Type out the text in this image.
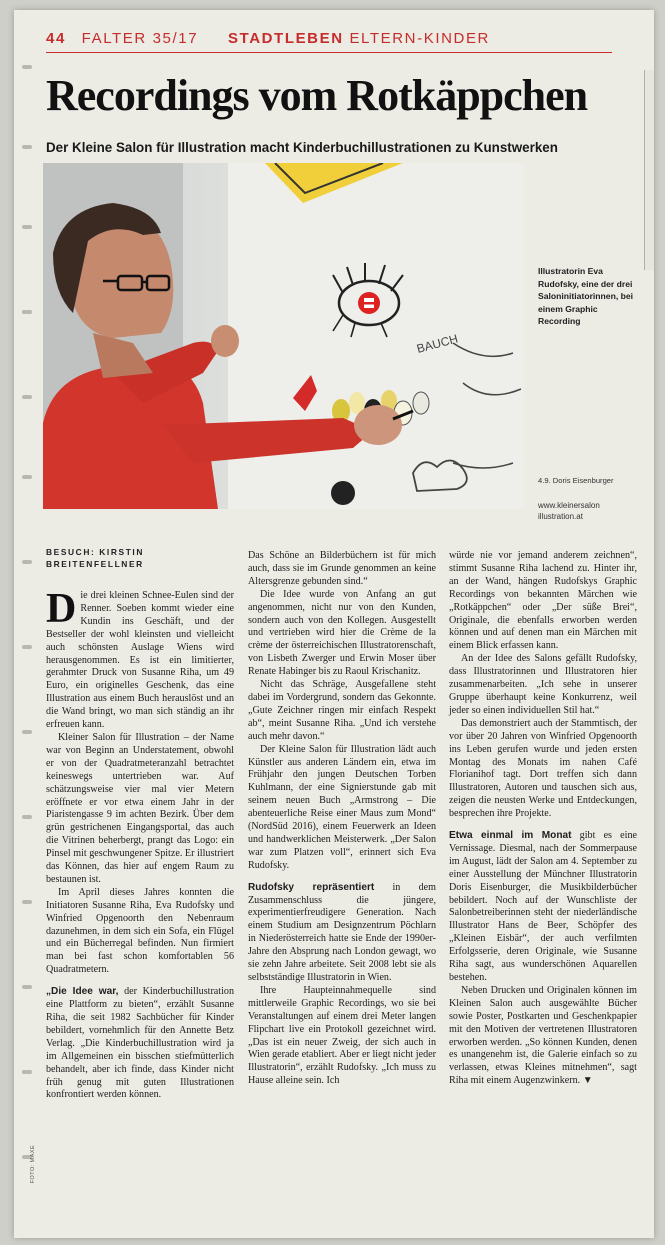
44 FALTER 35/17 STADTLEBEN ELTERN-KINDER
Recordings vom Rotkäppchen
Der Kleine Salon für Illustration macht Kinderbuchillustrationen zu Kunstwerken
BAUCH
Illustratorin Eva Rudofsky, eine der drei Saloninitiatorinnen, bei einem Graphic Recording
4.9. Doris Eisenburger
www.kleinersalon illustration.at
BESUCH: KIRSTIN BREITENFELLNER

Die drei kleinen Schnee-Eulen sind der Renner. Soeben kommt wieder eine Kundin ins Geschäft, und der Bestseller der wohl kleinsten und vielleicht auch schönsten Auslage Wiens wird herausgenommen. Es ist ein limitierter, gerahmter Druck von Susanne Riha, um 49 Euro, ein originelles Geschenk, das eine Illustration aus einem Buch herauslöst und an die Wand bringt, wo man sich ständig an ihr erfreuen kann.

Kleiner Salon für Illustration – der Name war von Beginn an Understatement, obwohl er von der Quadratmeteranzahl betrachtet keineswegs untertrieben war. Auf schätzungsweise vier mal vier Metern eröffnete er vor etwa einem Jahr in der Piaristengasse 9 im achten Bezirk. Über dem grün gestrichenen Eingangsportal, das auch die Vitrinen beherbergt, prangt das Logo: ein Pinsel mit geschwungener Spitze. Er illustriert das Können, das hier auf engem Raum zu bestaunen ist.

Im April dieses Jahres konnten die Initiatoren Susanne Riha, Eva Rudofsky und Winfried Opgenoorth den Nebenraum dazunehmen, in dem sich ein Sofa, ein Flügel und ein Bücherregal befinden. Nun firmiert man bei fast schon komfortablen 56 Quadratmetern.

„Die Idee war, der Kinderbuchillustration eine Plattform zu bieten“, erzählt Susanne Riha, die seit 1982 Sachbücher für Kinder bebildert, vornehmlich für den Annette Betz Verlag. „Die Kinderbuchillustration wird ja im Allgemeinen ein bisschen stiefmütterlich behandelt, aber ich finde, dass Kinder nicht früh genug mit guten Illustrationen konfrontiert werden können.

Das Schöne an Bilderbüchern ist für mich auch, dass sie im Grunde genommen an keine Altersgrenze gebunden sind.“

Die Idee wurde von Anfang an gut angenommen, nicht nur von den Kunden, sondern auch von den Kollegen. Ausgestellt und vertrieben wird hier die Crème de la crème der österreichischen Illustratorenschaft, von Lisbeth Zwerger und Erwin Moser über Renate Habinger bis zu Raoul Krischanitz.

Nicht das Schräge, Ausgefallene steht dabei im Vordergrund, sondern das Gekonnte. „Gute Zeichner ringen mir einfach Respekt ab“, meint Susanne Riha. „Und ich verstehe auch mehr davon.“

Der Kleine Salon für Illustration lädt auch Künstler aus anderen Ländern ein, etwa im Frühjahr den jungen Deutschen Torben Kuhlmann, der eine Signierstunde gab mit seinem neuen Buch „Armstrong – Die abenteuerliche Reise einer Maus zum Mond“ (NordSüd 2016), einem Feuerwerk an Ideen und handwerklichen Meisterwerk. „Der Salon war zum Platzen voll“, erinnert sich Eva Rudofsky.

Rudofsky repräsentiert in dem Zusammenschluss die jüngere, experimentierfreudigere Generation. Nach einem Studium am Designzentrum Pöchlarn in Niederösterreich hatte sie Ende der 1990er-Jahre den Absprung nach London gewagt, wo sie zehn Jahre arbeitete. Seit 2008 lebt sie als selbstständige Illustratorin in Wien.

Ihre Haupteinnahmequelle sind mittlerweile Graphic Recordings, wo sie bei Veranstaltungen auf einem drei Meter langen Flipchart live ein Protokoll gezeichnet wird. „Das ist ein neuer Zweig, der sich auch in Wien gerade etabliert. Aber er liegt nicht jeder Illustratorin“, erzählt Rudofsky. „Ich muss zu Hause alleine sein. Ich

würde nie vor jemand anderem zeichnen“, stimmt Susanne Riha lachend zu. Hinter ihr, an der Wand, hängen Rudofskys Graphic Recordings von bekannten Märchen wie „Rotkäppchen“ oder „Der süße Brei“, Originale, die ebenfalls erworben werden können und auf denen man ein Märchen mit einem Blick erfassen kann.

An der Idee des Salons gefällt Rudofsky, dass Illustratorinnen und Illustratoren hier zusammenarbeiten. „Ich sehe in unserer Gruppe überhaupt keine Konkurrenz, weil jeder so einen individuellen Stil hat.“

Das demonstriert auch der Stammtisch, der vor über 20 Jahren von Winfried Opgenoorth ins Leben gerufen wurde und jeden ersten Montag des Monats im nahen Café Florianihof tagt. Dort treffen sich dann Illustratoren, Autoren und tauschen sich aus, zeigen die neusten Werke und Entdeckungen, besprechen ihre Projekte.

Etwa einmal im Monat gibt es eine Vernissage. Diesmal, nach der Sommerpause im August, lädt der Salon am 4. September zu einer Ausstellung der Münchner Illustratorin Doris Eisenburger, die Musikbilderbücher bebildert. Noch auf der Wunschliste der Salonbetreiberinnen steht der niederländische Illustrator Hans de Beer, Schöpfer des „Kleinen Eisbär“, der auch verfilmten Erfolgsserie, deren Originale, wie Susanne Riha sagt, aus wunderschönen Aquarellen bestehen.

Neben Drucken und Originalen können im Kleinen Salon auch ausgewählte Bücher sowie Poster, Postkarten und Geschenkpapier mit den Motiven der vertretenen Illustratoren erworben werden. „So können Kunden, denen es unangenehm ist, die Galerie einfach so zu verlassen, etwas Kleines mitnehmen“, sagt Riha mit einem Augenzwinkern. ▼

FOTO: MAXE
